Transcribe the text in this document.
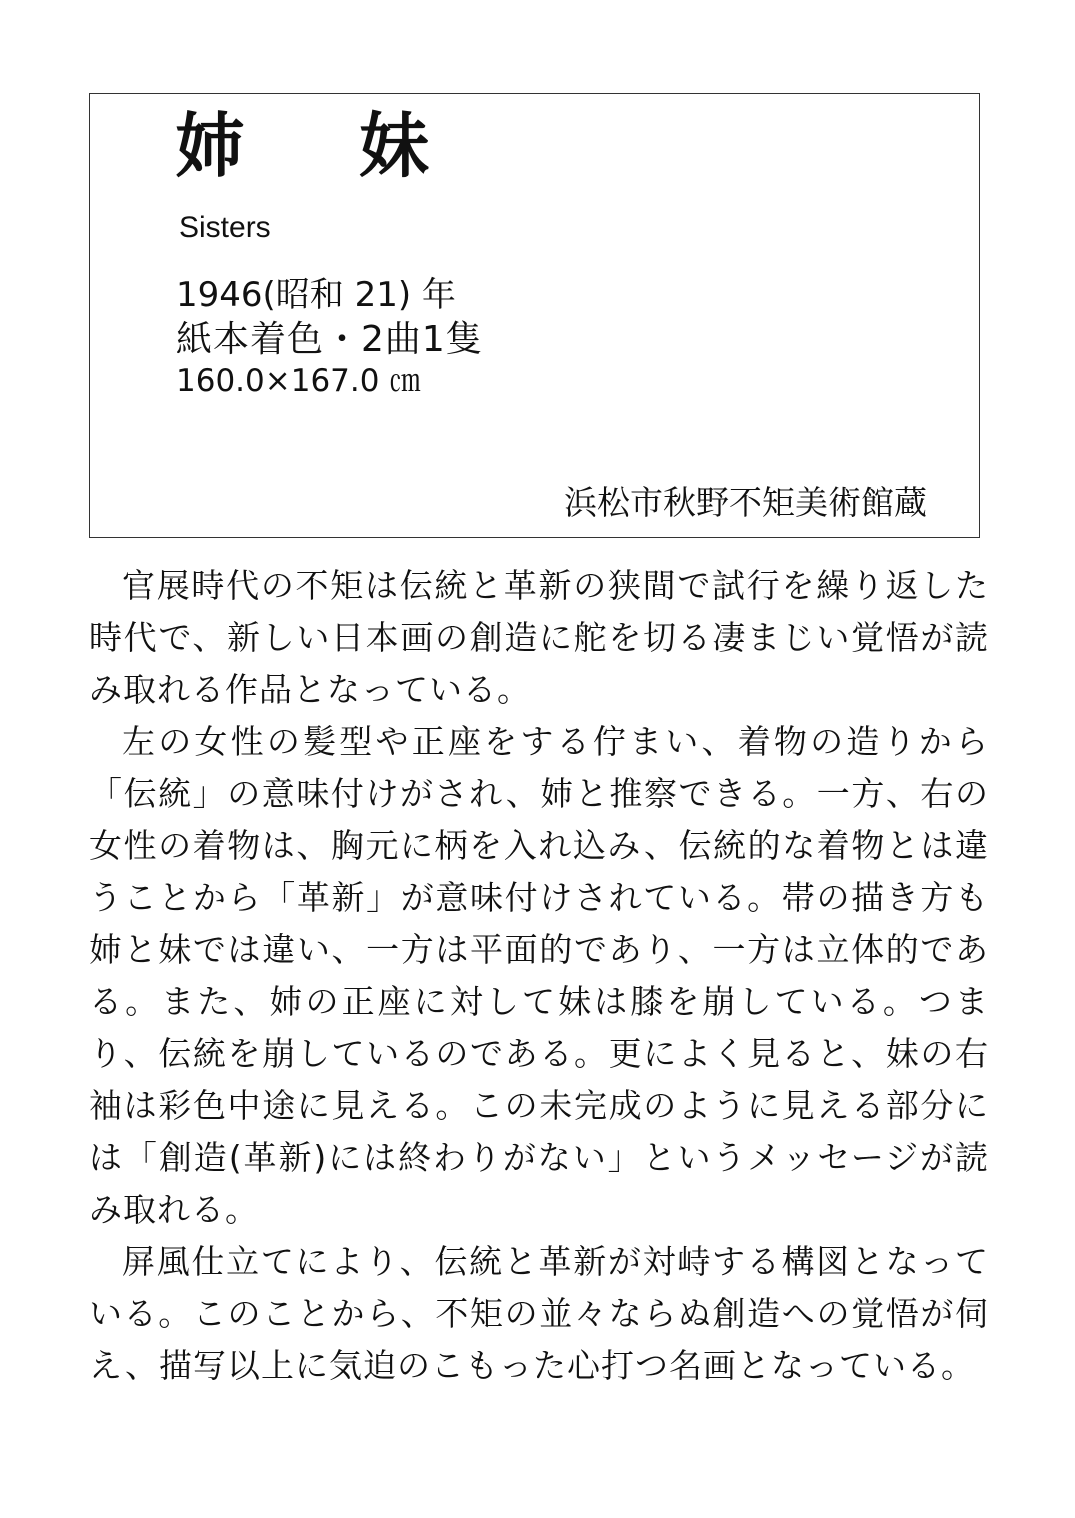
姉　妹
Sisters
1946(昭和 21) 年
紙本着色・2曲1隻
160.0×167.0 ㎝
浜松市秋野不矩美術館蔵

官展時代の不矩は伝統と革新の狭間で試行を繰り返した時代で、新しい日本画の創造に舵を切る凄まじい覚悟が読み取れる作品となっている。

左の女性の髪型や正座をする佇まい、着物の造りから「伝統」の意味付けがされ、姉と推察できる。一方、右の女性の着物は、胸元に柄を入れ込み、伝統的な着物とは違うことから「革新」が意味付けされている。帯の描き方も姉と妹では違い、一方は平面的であり、一方は立体的である。また、姉の正座に対して妹は膝を崩している。つまり、伝統を崩しているのである。更によく見ると、妹の右袖は彩色中途に見える。この未完成のように見える部分には「創造(革新)には終わりがない」というメッセージが読み取れる。

屏風仕立てにより、伝統と革新が対峙する構図となっている。このことから、不矩の並々ならぬ創造への覚悟が伺え、描写以上に気迫のこもった心打つ名画となっている。
